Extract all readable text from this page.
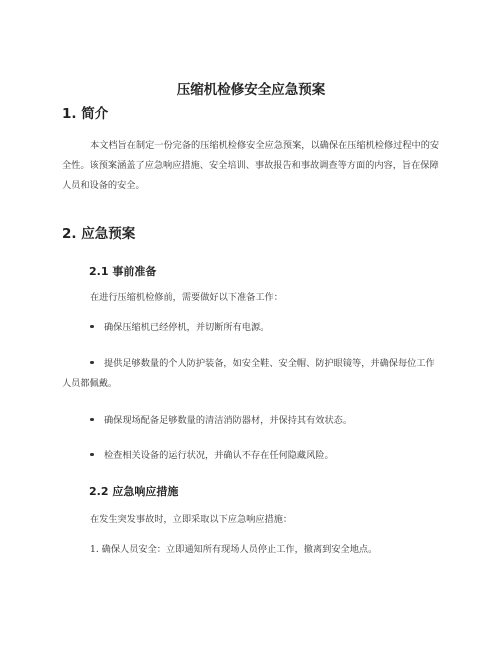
压缩机检修安全应急预案
1. 简介

本文档旨在制定一份完备的压缩机检修安全应急预案，以确保在压缩机检修过程中的安全性。该预案涵盖了应急响应措施、安全培训、事故报告和事故调查等方面的内容，旨在保障人员和设备的安全。

2. 应急预案
2.1 事前准备

在进行压缩机检修前，需要做好以下准备工作：

确保压缩机已经停机，并切断所有电源。

提供足够数量的个人防护装备，如安全鞋、安全帽、防护眼镜等，并确保每位工作人员都佩戴。

确保现场配备足够数量的清洁消防器材，并保持其有效状态。

检查相关设备的运行状况，并确认不存在任何隐藏风险。

2.2 应急响应措施

在发生突发事故时，立即采取以下应急响应措施：

1. 确保人员安全：立即通知所有现场人员停止工作，撤离到安全地点。
